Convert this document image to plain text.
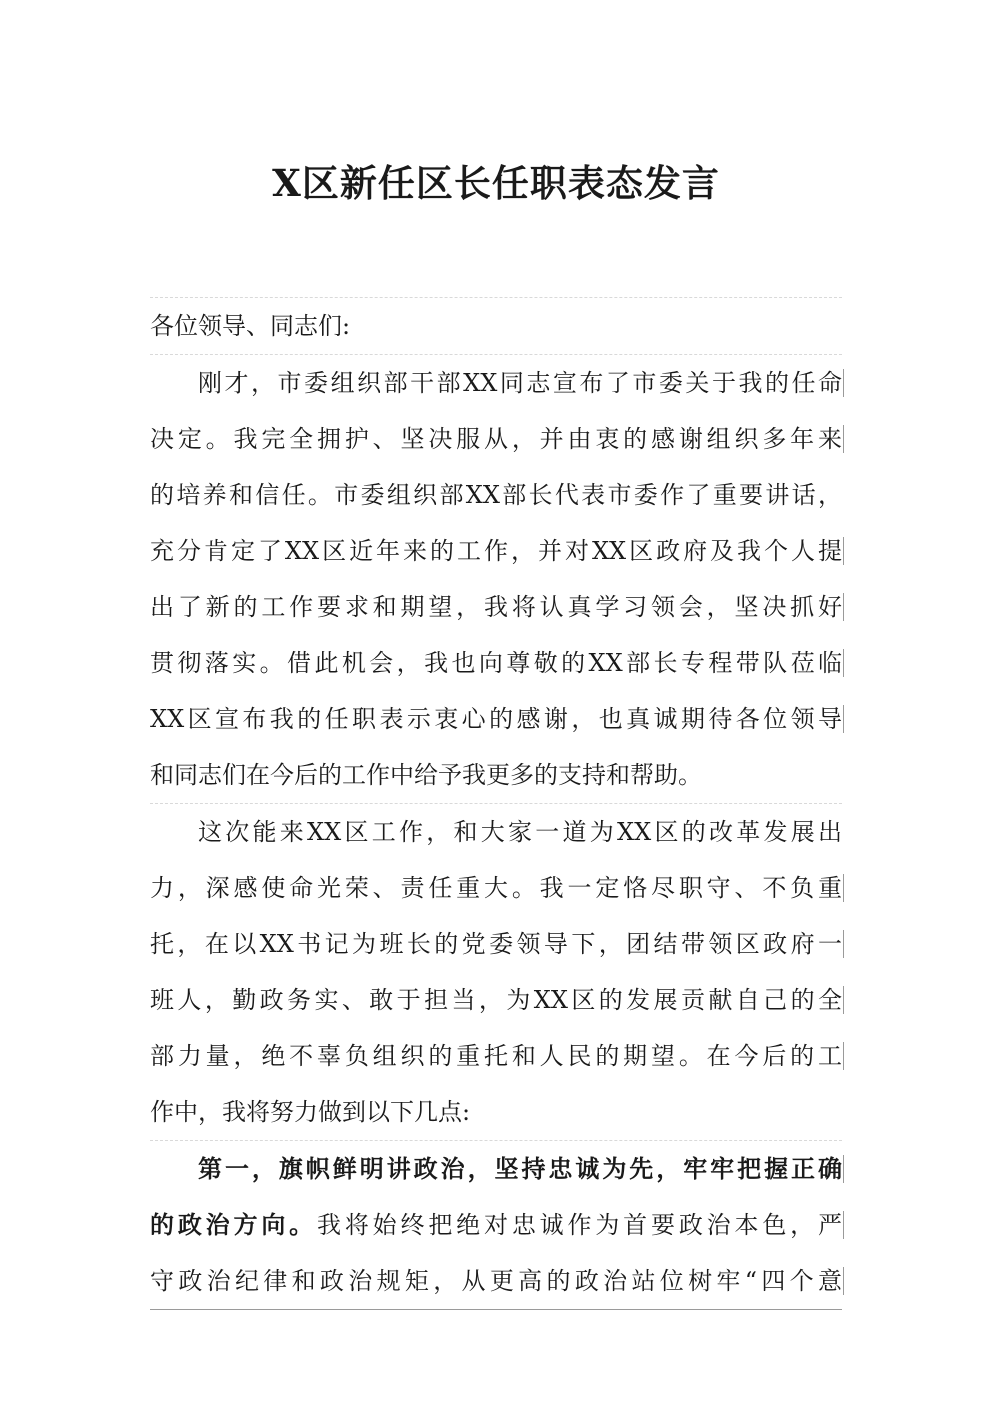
X区新任区长任职表态发言

各位领导、同志们:

刚才，市委组织部干部XX同志宣布了市委关于我的任命
决定。我完全拥护、坚决服从，并由衷的感谢组织多年来
的培养和信任。市委组织部XX部长代表市委作了重要讲话，
充分肯定了XX区近年来的工作，并对XX区政府及我个人提
出了新的工作要求和期望，我将认真学习领会，坚决抓好
贯彻落实。借此机会，我也向尊敬的XX部长专程带队莅临
XX区宣布我的任职表示衷心的感谢，也真诚期待各位领导
和同志们在今后的工作中给予我更多的支持和帮助。
这次能来XX区工作，和大家一道为XX区的改革发展出
力，深感使命光荣、责任重大。我一定恪尽职守、不负重
托，在以XX书记为班长的党委领导下，团结带领区政府一
班人，勤政务实、敢于担当，为XX区的发展贡献自己的全
部力量，绝不辜负组织的重托和人民的期望。在今后的工
作中，我将努力做到以下几点:
第一，旗帜鲜明讲政治，坚持忠诚为先，牢牢把握正确
的政治方向。我将始终把绝对忠诚作为首要政治本色，严
守政治纪律和政治规矩，从更高的政治站位树牢“四个意
